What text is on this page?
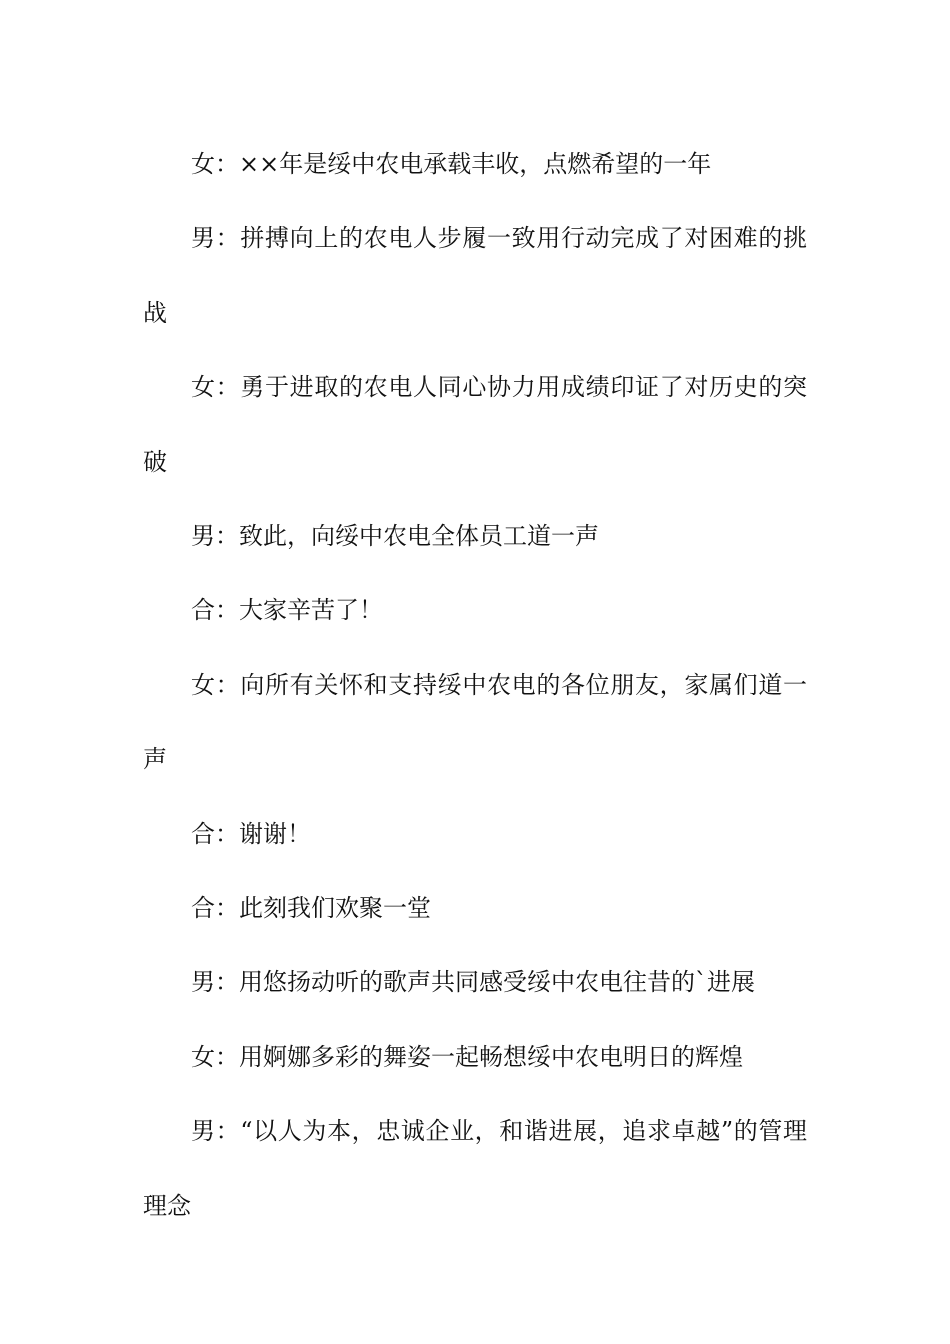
女：××年是绥中农电承载丰收，点燃希望的一年

男：拼搏向上的农电人步履一致用行动完成了对困难的挑战

女：勇于进取的农电人同心协力用成绩印证了对历史的突破

男：致此，向绥中农电全体员工道一声

合：大家辛苦了！

女：向所有关怀和支持绥中农电的各位朋友，家属们道一声

合：谢谢！

合：此刻我们欢聚一堂

男：用悠扬动听的歌声共同感受绥中农电往昔的`进展

女：用婀娜多彩的舞姿一起畅想绥中农电明日的辉煌

男：“以人为本，忠诚企业，和谐进展，追求卓越”的管理理念
